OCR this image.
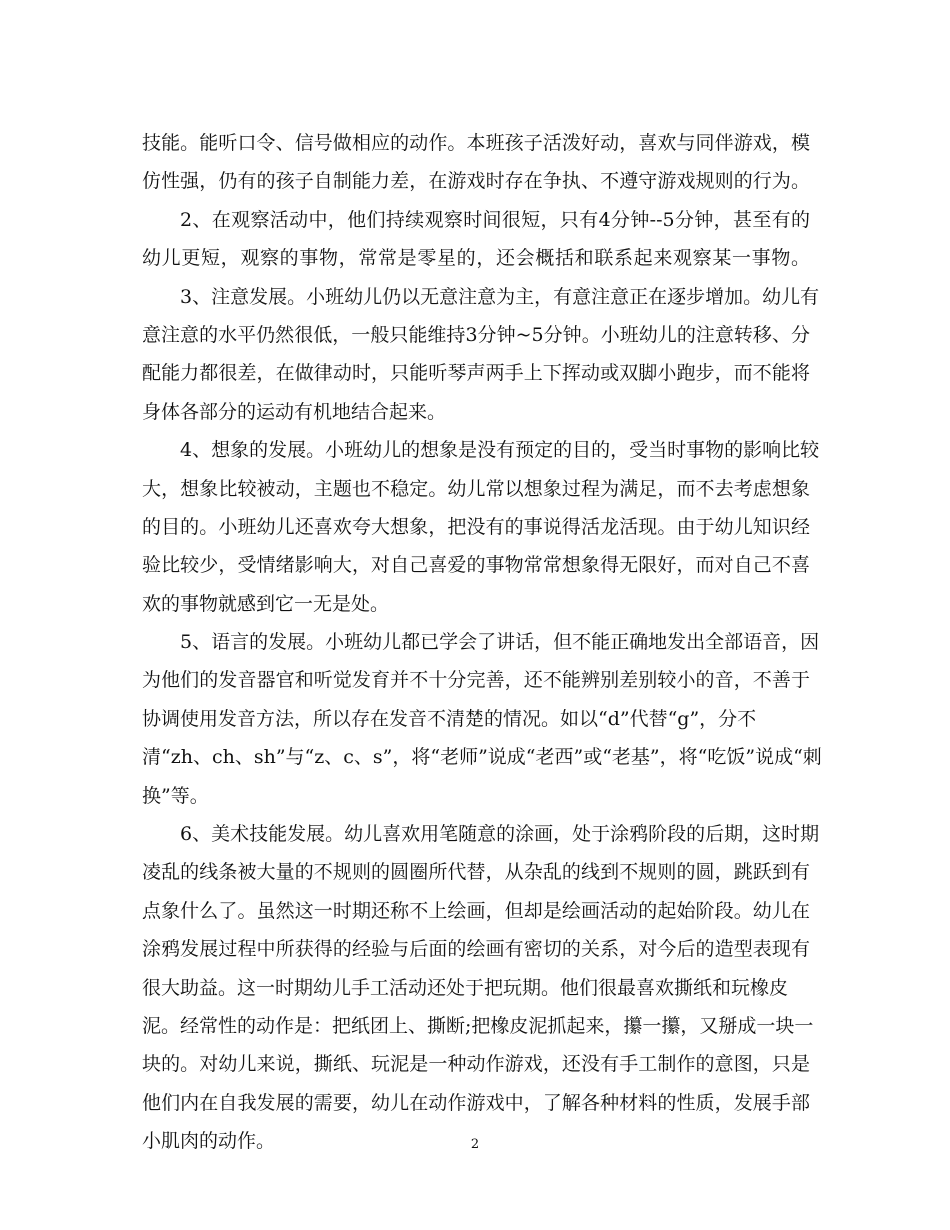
技能。能听口令、信号做相应的动作。本班孩子活泼好动，喜欢与同伴游戏，模
仿性强，仍有的孩子自制能力差，在游戏时存在争执、不遵守游戏规则的行为。
2、在观察活动中，他们持续观察时间很短，只有4分钟--5分钟，甚至有的
幼儿更短，观察的事物，常常是零星的，还会概括和联系起来观察某一事物。
3、注意发展。小班幼儿仍以无意注意为主，有意注意正在逐步增加。幼儿有
意注意的水平仍然很低，一般只能维持3分钟~5分钟。小班幼儿的注意转移、分
配能力都很差，在做律动时，只能听琴声两手上下挥动或双脚小跑步，而不能将
身体各部分的运动有机地结合起来。
4、想象的发展。小班幼儿的想象是没有预定的目的，受当时事物的影响比较
大，想象比较被动，主题也不稳定。幼儿常以想象过程为满足，而不去考虑想象
的目的。小班幼儿还喜欢夸大想象，把没有的事说得活龙活现。由于幼儿知识经
验比较少，受情绪影响大，对自己喜爱的事物常常想象得无限好，而对自己不喜
欢的事物就感到它一无是处。
5、语言的发展。小班幼儿都已学会了讲话，但不能正确地发出全部语音，因
为他们的发音器官和听觉发育并不十分完善，还不能辨别差别较小的音，不善于
协调使用发音方法，所以存在发音不清楚的情况。如以“d”代替“g”，分不
清“zh、ch、sh”与“z、c、s”，将“老师”说成“老西”或“老基”，将“吃饭”说成“刺
换”等。
6、美术技能发展。幼儿喜欢用笔随意的涂画，处于涂鸦阶段的后期，这时期
凌乱的线条被大量的不规则的圆圈所代替，从杂乱的线到不规则的圆，跳跃到有
点象什么了。虽然这一时期还称不上绘画，但却是绘画活动的起始阶段。幼儿在
涂鸦发展过程中所获得的经验与后面的绘画有密切的关系，对今后的造型表现有
很大助益。这一时期幼儿手工活动还处于把玩期。他们很最喜欢撕纸和玩橡皮
泥。经常性的动作是：把纸团上、撕断;把橡皮泥抓起来，攥一攥，又掰成一块一
块的。对幼儿来说，撕纸、玩泥是一种动作游戏，还没有手工制作的意图，只是
他们内在自我发展的需要，幼儿在动作游戏中，了解各种材料的性质，发展手部
小肌肉的动作。	2
